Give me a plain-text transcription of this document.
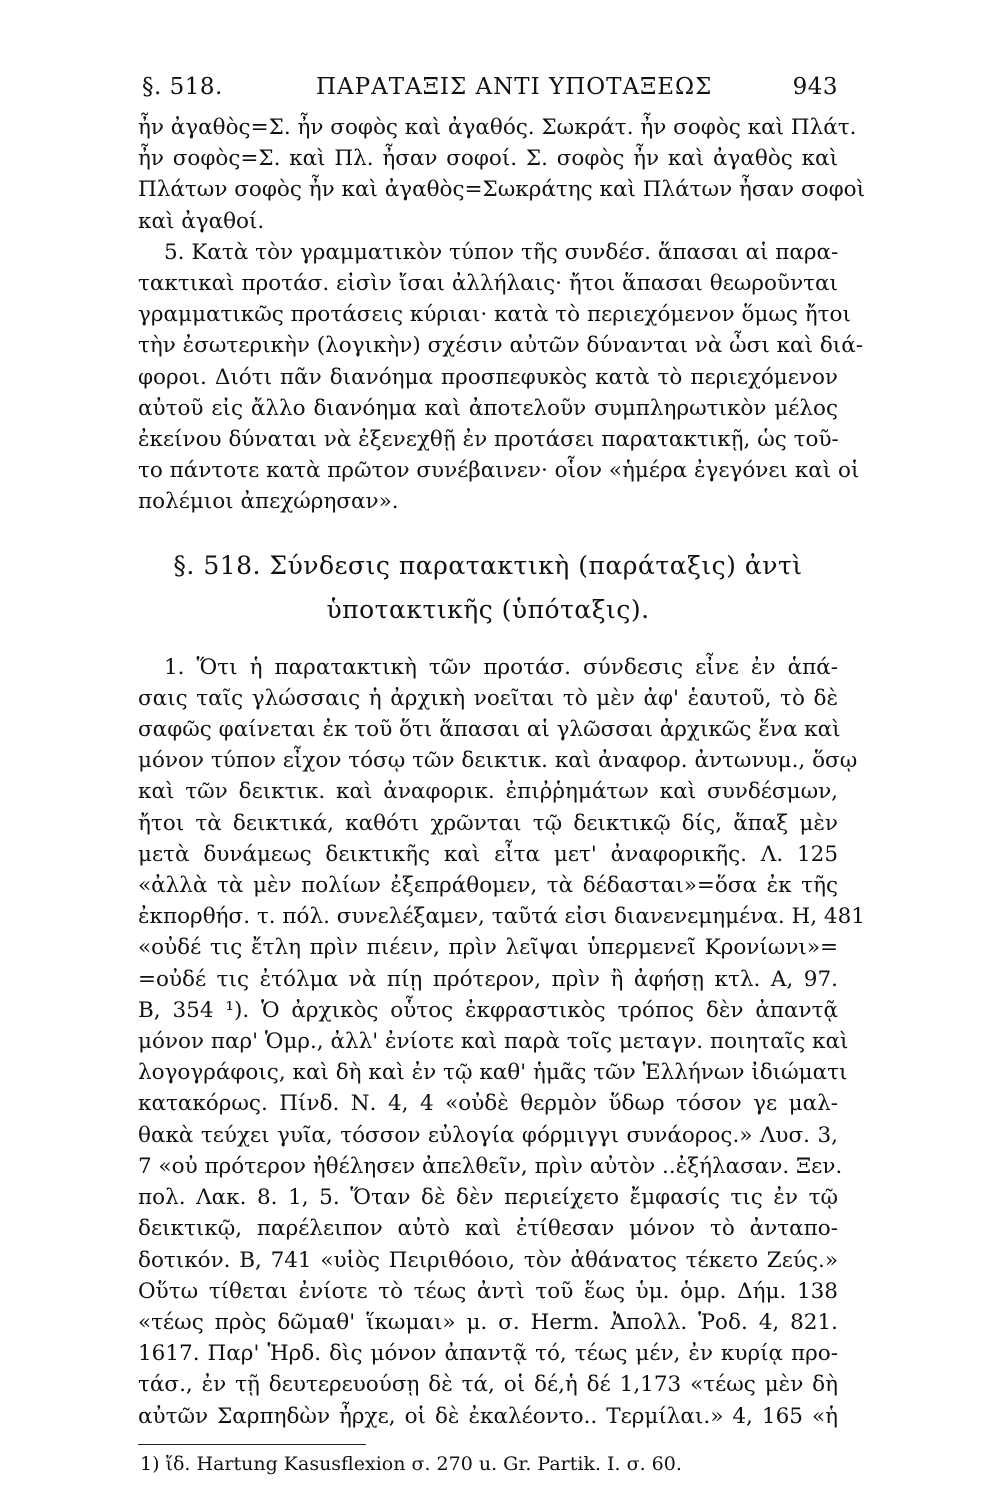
§. 518.	ΠΑΡΑΤΑΞΙΣ ΑΝΤΙ ΥΠΟΤΑΞΕΩΣ	943
ἦν ἀγαθὸς=Σ. ἦν σοφὸς καὶ ἀγαθός. Σωκράτ. ἦν σοφὸς καὶ Πλάτ.
ἦν σοφὸς=Σ. καὶ Πλ. ἦσαν σοφοί. Σ. σοφὸς ἦν καὶ ἀγαθὸς καὶ
Πλάτων σοφὸς ἦν καὶ ἀγαθὸς=Σωκράτης καὶ Πλάτων ἦσαν σοφοὶ
καὶ ἀγαθοί.
5. Κατὰ τὸν γραμματικὸν τύπον τῆς συνδέσ. ἅπασαι αἱ παρα-
τακτικαὶ προτάσ. εἰσὶν ἴσαι ἀλλήλαις· ἤτοι ἅπασαι θεωροῦνται
γραμματικῶς προτάσεις κύριαι· κατὰ τὸ περιεχόμενον ὅμως ἤτοι
τὴν ἐσωτερικὴν (λογικὴν) σχέσιν αὐτῶν δύνανται νὰ ὦσι καὶ διά-
φοροι. Διότι πᾶν διανόημα προσπεφυκὸς κατὰ τὸ περιεχόμενον
αὐτοῦ εἰς ἄλλο διανόημα καὶ ἀποτελοῦν συμπληρωτικὸν μέλος
ἐκείνου δύναται νὰ ἐξενεχθῇ ἐν προτάσει παρατακτικῇ, ὡς τοῦ-
το πάντοτε κατὰ πρῶτον συνέβαινεν· οἷον «ἡμέρα ἐγεγόνει καὶ οἱ
πολέμιοι ἀπεχώρησαν».
§. 518. Σύνδεσις παρατακτικὴ (παράταξις) ἀντὶ
ὑποτακτικῆς (ὑπόταξις).
1. Ὅτι ἡ παρατακτικὴ τῶν προτάσ. σύνδεσις εἶνε ἐν ἁπά-
σαις ταῖς γλώσσαις ἡ ἀρχικὴ νοεῖται τὸ μὲν ἀφ' ἑαυτοῦ, τὸ δὲ
σαφῶς φαίνεται ἐκ τοῦ ὅτι ἅπασαι αἱ γλῶσσαι ἀρχικῶς ἕνα καὶ
μόνον τύπον εἶχον τόσῳ τῶν δεικτικ. καὶ ἀναφορ. ἀντωνυμ., ὅσῳ
καὶ τῶν δεικτικ. καὶ ἀναφορικ. ἐπιῤῥημάτων καὶ συνδέσμων,
ἤτοι τὰ δεικτικά, καθότι χρῶνται τῷ δεικτικῷ δίς, ἅπαξ μὲν
μετὰ δυνάμεως δεικτικῆς καὶ εἶτα μετ' ἀναφορικῆς. Λ. 125
«ἀλλὰ τὰ μὲν πολίων ἐξεπράθομεν, τὰ δέδασται»=ὅσα ἐκ τῆς
ἐκπορθήσ. τ. πόλ. συνελέξαμεν, ταῦτά εἰσι διανενεμημένα. Η, 481
«οὐδέ τις ἔτλη πρὶν πιέειν, πρὶν λεῖψαι ὑπερμενεῖ Κρονίωνι»=
=οὐδέ τις ἐτόλμα νὰ πίῃ πρότερον, πρὶν ἢ ἀφήσῃ κτλ. Α, 97.
Β, 354 ¹). Ὁ ἀρχικὸς οὗτος ἐκφραστικὸς τρόπος δὲν ἀπαντᾷ
μόνον παρ' Ὁμρ., ἀλλ' ἐνίοτε καὶ παρὰ τοῖς μεταγν. ποιηταῖς καὶ
λογογράφοις, καὶ δὴ καὶ ἐν τῷ καθ' ἡμᾶς τῶν Ἑλλήνων ἰδιώματι
κατακόρως. Πίνδ. Ν. 4, 4 «οὐδὲ θερμὸν ὕδωρ τόσον γε μαλ-
θακὰ τεύχει γυῖα, τόσσον εὐλογία φόρμιγγι συνάορος.» Λυσ. 3,
7 «οὐ πρότερον ἠθέλησεν ἀπελθεῖν, πρὶν αὐτὸν ..ἐξήλασαν. Ξεν.
πολ. Λακ. 8. 1, 5. Ὅταν δὲ δὲν περιείχετο ἔμφασίς τις ἐν τῷ
δεικτικῷ, παρέλειπον αὐτὸ καὶ ἐτίθεσαν μόνον τὸ ἀνταπο-
δοτικόν. Β, 741 «υἱὸς Πειριθόοιο, τὸν ἀθάνατος τέκετο Ζεύς.»
Οὕτω τίθεται ἐνίοτε τὸ τέως ἀντὶ τοῦ ἕως ὑμ. ὁμρ. Δήμ. 138
«τέως πρὸς δῶμαθ' ἵκωμαι» μ. σ. Herm. Ἀπολλ. Ῥοδ. 4, 821.
1617. Παρ' Ἡρδ. δὶς μόνον ἀπαντᾷ τό, τέως μέν, ἐν κυρίᾳ προ-
τάσ., ἐν τῇ δευτερευούσῃ δὲ τά, οἱ δέ,ἡ δέ 1,173 «τέως μὲν δὴ
αὐτῶν Σαρπηδὼν ἦρχε, οἱ δὲ ἐκαλέοντο.. Τερμίλαι.» 4, 165 «ἡ
1) ἴδ. Hartung Kasusflexion σ. 270 u. Gr. Partik. I. σ. 60.
